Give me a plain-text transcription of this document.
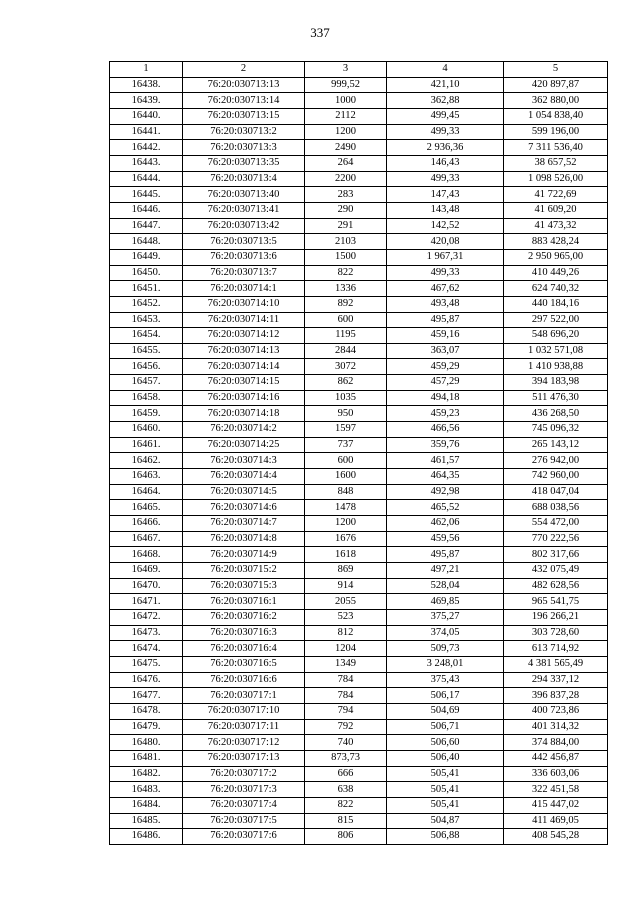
337
1	2	3	4	5
16438.	76:20:030713:13	999,52	421,10	420 897,87
16439.	76:20:030713:14	1000	362,88	362 880,00
16440.	76:20:030713:15	2112	499,45	1 054 838,40
16441.	76:20:030713:2	1200	499,33	599 196,00
16442.	76:20:030713:3	2490	2 936,36	7 311 536,40
16443.	76:20:030713:35	264	146,43	38 657,52
16444.	76:20:030713:4	2200	499,33	1 098 526,00
16445.	76:20:030713:40	283	147,43	41 722,69
16446.	76:20:030713:41	290	143,48	41 609,20
16447.	76:20:030713:42	291	142,52	41 473,32
16448.	76:20:030713:5	2103	420,08	883 428,24
16449.	76:20:030713:6	1500	1 967,31	2 950 965,00
16450.	76:20:030713:7	822	499,33	410 449,26
16451.	76:20:030714:1	1336	467,62	624 740,32
16452.	76:20:030714:10	892	493,48	440 184,16
16453.	76:20:030714:11	600	495,87	297 522,00
16454.	76:20:030714:12	1195	459,16	548 696,20
16455.	76:20:030714:13	2844	363,07	1 032 571,08
16456.	76:20:030714:14	3072	459,29	1 410 938,88
16457.	76:20:030714:15	862	457,29	394 183,98
16458.	76:20:030714:16	1035	494,18	511 476,30
16459.	76:20:030714:18	950	459,23	436 268,50
16460.	76:20:030714:2	1597	466,56	745 096,32
16461.	76:20:030714:25	737	359,76	265 143,12
16462.	76:20:030714:3	600	461,57	276 942,00
16463.	76:20:030714:4	1600	464,35	742 960,00
16464.	76:20:030714:5	848	492,98	418 047,04
16465.	76:20:030714:6	1478	465,52	688 038,56
16466.	76:20:030714:7	1200	462,06	554 472,00
16467.	76:20:030714:8	1676	459,56	770 222,56
16468.	76:20:030714:9	1618	495,87	802 317,66
16469.	76:20:030715:2	869	497,21	432 075,49
16470.	76:20:030715:3	914	528,04	482 628,56
16471.	76:20:030716:1	2055	469,85	965 541,75
16472.	76:20:030716:2	523	375,27	196 266,21
16473.	76:20:030716:3	812	374,05	303 728,60
16474.	76:20:030716:4	1204	509,73	613 714,92
16475.	76:20:030716:5	1349	3 248,01	4 381 565,49
16476.	76:20:030716:6	784	375,43	294 337,12
16477.	76:20:030717:1	784	506,17	396 837,28
16478.	76:20:030717:10	794	504,69	400 723,86
16479.	76:20:030717:11	792	506,71	401 314,32
16480.	76:20:030717:12	740	506,60	374 884,00
16481.	76:20:030717:13	873,73	506,40	442 456,87
16482.	76:20:030717:2	666	505,41	336 603,06
16483.	76:20:030717:3	638	505,41	322 451,58
16484.	76:20:030717:4	822	505,41	415 447,02
16485.	76:20:030717:5	815	504,87	411 469,05
16486.	76:20:030717:6	806	506,88	408 545,28
